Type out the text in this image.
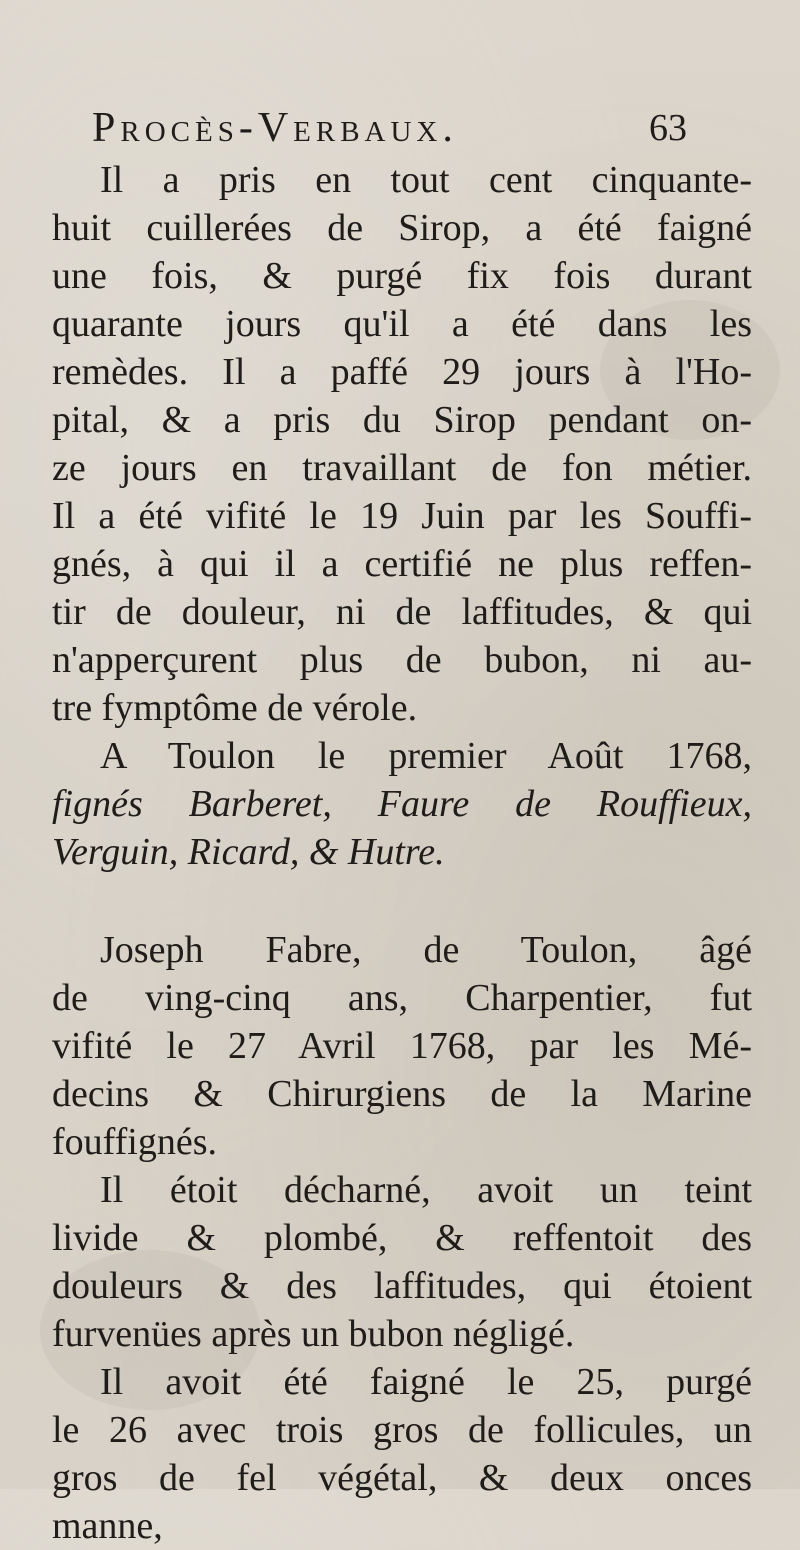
Procès-Verbaux.	63
Il a pris en tout cent cinquante-
huit cuillerées de Sirop, a été faigné
une fois, & purgé fix fois durant
quarante jours qu'il a été dans les
remèdes. Il a paffé 29 jours à l'Ho-
pital, & a pris du Sirop pendant on-
ze jours en travaillant de fon métier.
Il a été vifité le 19 Juin par les Souffi-
gnés, à qui il a certifié ne plus reffen-
tir de douleur, ni de laffitudes, & qui
n'apperçurent plus de bubon, ni au-
tre fymptôme de vérole.
A Toulon le premier Août 1768,
fignés Barberet, Faure de Rouffieux,
Verguin, Ricard, & Hutre.
Joseph Fabre, de Toulon, âgé
de ving-cinq ans, Charpentier, fut
vifité le 27 Avril 1768, par les Mé-
decins & Chirurgiens de la Marine
fouffignés.
Il étoit décharné, avoit un teint
livide & plombé, & reffentoit des
douleurs & des laffitudes, qui étoient
furvenües après un bubon négligé.
Il avoit été faigné le 25, purgé
le 26 avec trois gros de follicules, un
gros de fel végétal, & deux onces
manne,
